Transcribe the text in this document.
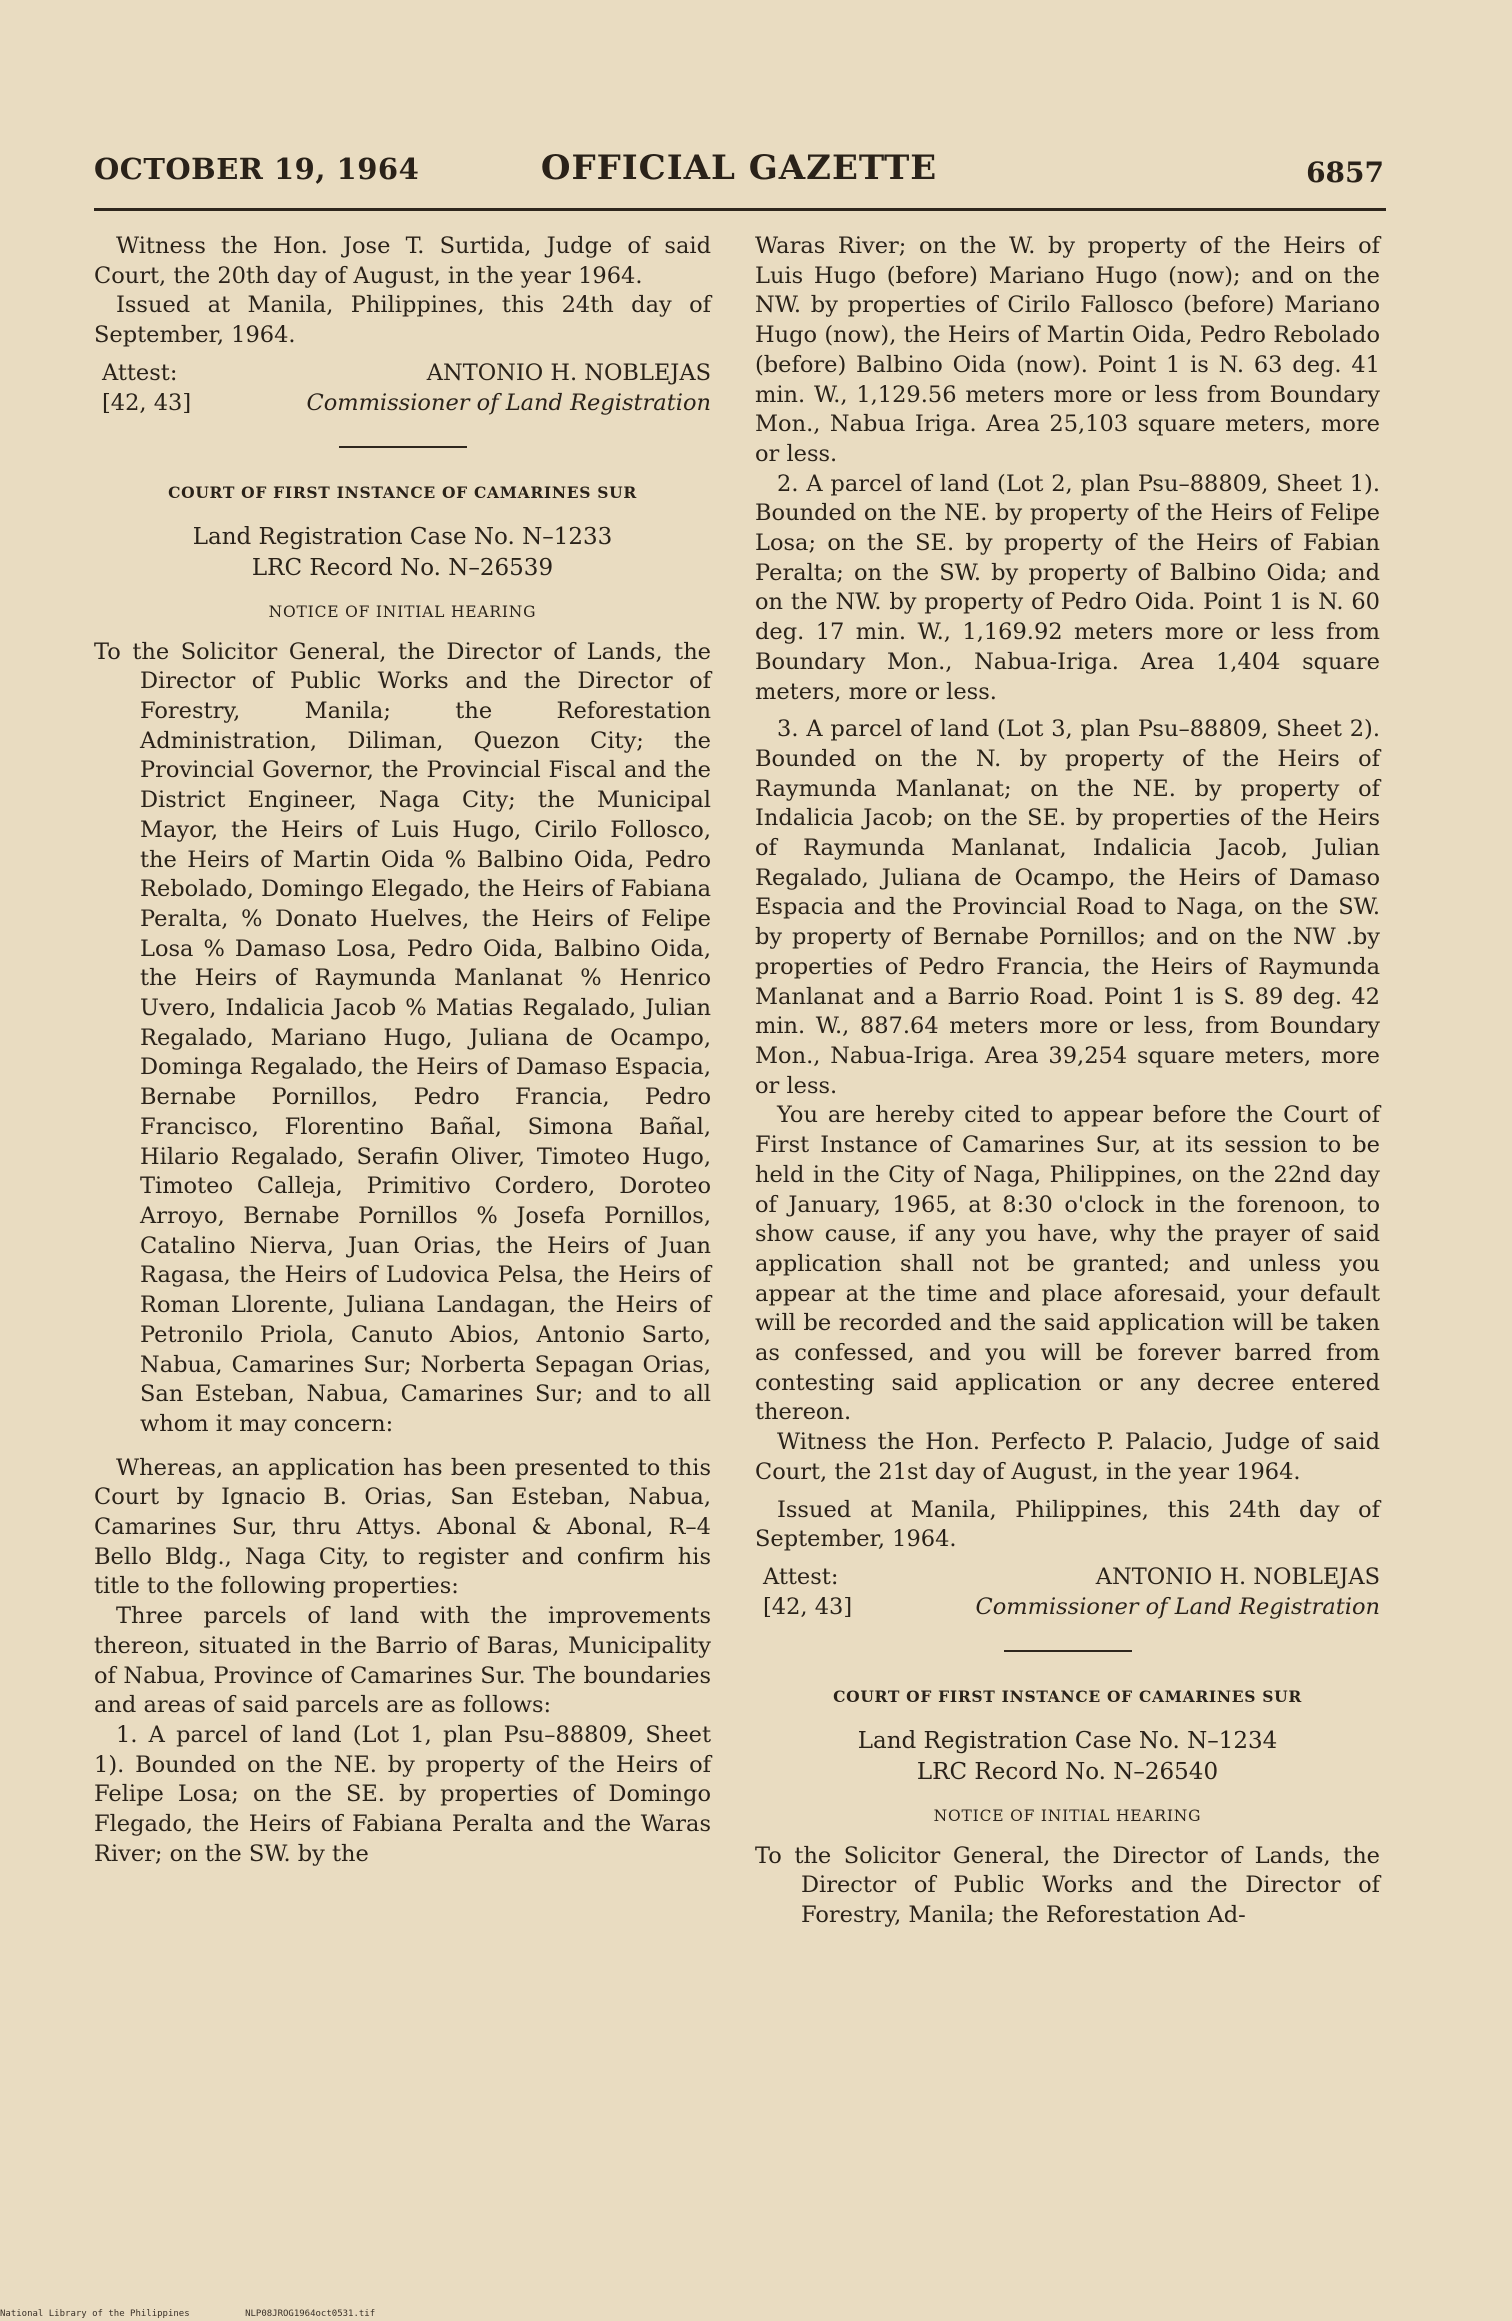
OCTOBER 19, 1964	OFFICIAL GAZETTE	6857

Witness the Hon. Jose T. Surtida, Judge of said Court, the 20th day of August, in the year 1964.

Issued at Manila, Philippines, this 24th day of September, 1964.

Attest:	ANTONIO H. NOBLEJAS
[42, 43]	Commissioner of Land Registration
COURT OF FIRST INSTANCE OF CAMARINES SUR
Land Registration Case No. N–1233
LRC Record No. N–26539
NOTICE OF INITIAL HEARING

To the Solicitor General, the Director of Lands, the Director of Public Works and the Director of Forestry, Manila; the Reforestation Administration, Diliman, Quezon City; the Provincial Governor, the Provincial Fiscal and the District Engineer, Naga City; the Municipal Mayor, the Heirs of Luis Hugo, Cirilo Follosco, the Heirs of Martin Oida % Balbino Oida, Pedro Rebolado, Domingo Elegado, the Heirs of Fabiana Peralta, % Donato Huelves, the Heirs of Felipe Losa % Damaso Losa, Pedro Oida, Balbino Oida, the Heirs of Raymunda Manlanat % Henrico Uvero, Indalicia Jacob % Matias Regalado, Julian Regalado, Mariano Hugo, Juliana de Ocampo, Dominga Regalado, the Heirs of Damaso Espacia, Bernabe Pornillos, Pedro Francia, Pedro Francisco, Florentino Bañal, Simona Bañal, Hilario Regalado, Serafin Oliver, Timoteo Hugo, Timoteo Calleja, Primitivo Cordero, Doroteo Arroyo, Bernabe Pornillos % Josefa Pornillos, Catalino Nierva, Juan Orias, the Heirs of Juan Ragasa, the Heirs of Ludovica Pelsa, the Heirs of Roman Llorente, Juliana Landagan, the Heirs of Petronilo Priola, Canuto Abios, Antonio Sarto, Nabua, Camarines Sur; Norberta Sepagan Orias, San Esteban, Nabua, Camarines Sur; and to all whom it may concern:

Whereas, an application has been presented to this Court by Ignacio B. Orias, San Esteban, Nabua, Camarines Sur, thru Attys. Abonal & Abonal, R–4 Bello Bldg., Naga City, to register and confirm his title to the following properties:

Three parcels of land with the improvements thereon, situated in the Barrio of Baras, Municipality of Nabua, Province of Camarines Sur. The boundaries and areas of said parcels are as follows:

1. A parcel of land (Lot 1, plan Psu–88809, Sheet 1). Bounded on the NE. by property of the Heirs of Felipe Losa; on the SE. by properties of Domingo Flegado, the Heirs of Fabiana Peralta and the Waras River; on the SW. by the

Waras River; on the W. by property of the Heirs of Luis Hugo (before) Mariano Hugo (now); and on the NW. by properties of Cirilo Fallosco (before) Mariano Hugo (now), the Heirs of Martin Oida, Pedro Rebolado (before) Balbino Oida (now). Point 1 is N. 63 deg. 41 min. W., 1,129.56 meters more or less from Boundary Mon., Nabua Iriga. Area 25,103 square meters, more or less.

2. A parcel of land (Lot 2, plan Psu–88809, Sheet 1). Bounded on the NE. by property of the Heirs of Felipe Losa; on the SE. by property of the Heirs of Fabian Peralta; on the SW. by property of Balbino Oida; and on the NW. by property of Pedro Oida. Point 1 is N. 60 deg. 17 min. W., 1,169.92 meters more or less from Boundary Mon., Nabua-Iriga. Area 1,404 square meters, more or less.

3. A parcel of land (Lot 3, plan Psu–88809, Sheet 2). Bounded on the N. by property of the Heirs of Raymunda Manlanat; on the NE. by property of Indalicia Jacob; on the SE. by properties of the Heirs of Raymunda Manlanat, Indalicia Jacob, Julian Regalado, Juliana de Ocampo, the Heirs of Damaso Espacia and the Provincial Road to Naga, on the SW. by property of Bernabe Pornillos; and on the NW .by properties of Pedro Francia, the Heirs of Raymunda Manlanat and a Barrio Road. Point 1 is S. 89 deg. 42 min. W., 887.64 meters more or less, from Boundary Mon., Nabua-Iriga. Area 39,254 square meters, more or less.

You are hereby cited to appear before the Court of First Instance of Camarines Sur, at its session to be held in the City of Naga, Philippines, on the 22nd day of January, 1965, at 8:30 o'clock in the forenoon, to show cause, if any you have, why the prayer of said application shall not be granted; and unless you appear at the time and place aforesaid, your default will be recorded and the said application will be taken as confessed, and you will be forever barred from contesting said application or any decree entered thereon.

Witness the Hon. Perfecto P. Palacio, Judge of said Court, the 21st day of August, in the year 1964.

Issued at Manila, Philippines, this 24th day of September, 1964.

Attest:	ANTONIO H. NOBLEJAS
[42, 43]	Commissioner of Land Registration
COURT OF FIRST INSTANCE OF CAMARINES SUR
Land Registration Case No. N–1234
LRC Record No. N–26540
NOTICE OF INITIAL HEARING

To the Solicitor General, the Director of Lands, the Director of Public Works and the Director of Forestry, Manila; the Reforestation Ad-

National Library of the Philippines	NLP08JROG1964oct0531.tif
